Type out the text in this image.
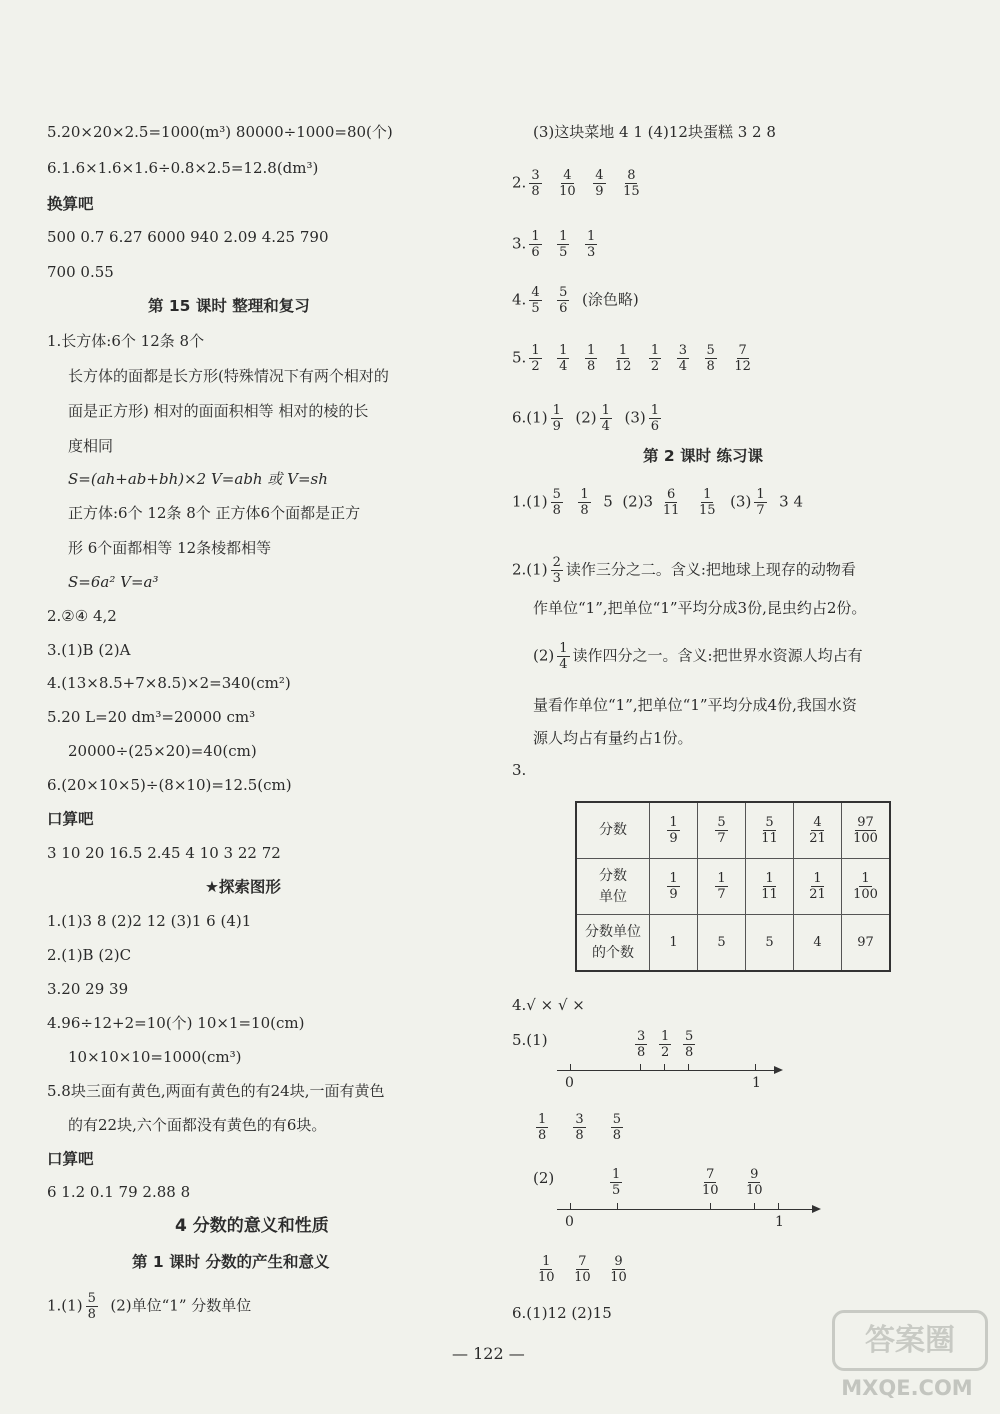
5.20×20×2.5=1000(m³) 80000÷1000=80(个)
6.1.6×1.6×1.6÷0.8×2.5=12.8(dm³)
换算吧
500 0.7 6.27 6000 940 2.09 4.25 790
700 0.55
第 15 课时 整理和复习
1.长方体:6个 12条 8个
长方体的面都是长方形(特殊情况下有两个相对的
面是正方形) 相对的面面积相等 相对的棱的长
度相同
S=(ah+ab+bh)×2 V=abh 或 V=sh
正方体:6个 12条 8个 正方体6个面都是正方
形 6个面都相等 12条棱都相等
S=6a² V=a³
2.②④ 4,2
3.(1)B (2)A
4.(13×8.5+7×8.5)×2=340(cm²)
5.20 L=20 dm³=20000 cm³
20000÷(25×20)=40(cm)
6.(20×10×5)÷(8×10)=12.5(cm)
口算吧
3 10 20 16.5 2.45 4 10 3 22 72
★探索图形
1.(1)3 8 (2)2 12 (3)1 6 (4)1
2.(1)B (2)C
3.20 29 39
4.96÷12+2=10(个) 10×1=10(cm)
10×10×10=1000(cm³)
5.8块三面有黄色,两面有黄色的有24块,一面有黄色
的有22块,六个面都没有黄色的有6块。
口算吧
6 1.2 0.1 79 2.88 8
4 分数的意义和性质
第 1 课时 分数的产生和意义
$1.(1) \frac{5}{8} (2)$单位“1” 分数单位
(3)这块菜地 4 1 (4)12块蛋糕 3 2 8
2. $\frac{3}{8}$
$\frac{4}{10}$
$\frac{4}{9}$
$\frac{8}{15}$
3. $\frac{1}{6}$
$\frac{1}{5}$
$\frac{1}{3}$
4. $\frac{4}{5}$
$\frac{5}{6}$ (涂色略)
5. $\frac{1}{2}$
$\frac{1}{4}$
$\frac{1}{8}$
$\frac{1}{12}$
$\frac{1}{2}$
$\frac{3}{4}$
$\frac{5}{8}$
$\frac{7}{12}$
$6.(1) \frac{1}{9} (2) \frac{1}{4} (3) \frac{1}{6}$
第 2 课时 练习课
$1.(1) \frac{5}{8}$
$\frac{1}{8} 5$ $(2)3 \frac{6}{11}$
$\frac{1}{15} (3) \frac{1}{7} 3$ 4
$2.(1) \frac{2}{3}$ 读作三分之二。含义:把地球上现存的动物看
作单位“1”,把单位“1”平均分成3份,昆虫约占2份。
$(2) \frac{1}{4}$ 读作四分之一。含义:把世界水资源人均占有
量看作单位“1”,把单位“1”平均分成4份,我国水资
源人均占有量约占1份。
3.
分数	$\frac{1}{9}$	$\frac{5}{7}$	$\frac{5}{11}$	$\frac{4}{21}$	$\frac{97}{100}$

分数
单位	$\frac{1}{9}$	$\frac{1}{7}$	$\frac{1}{11}$	$\frac{1}{21}$	$\frac{1}{100}$

分数单位
的个数	1	5	5	4	97
4.√ × √ ×
5.(1)	$\frac{3}{8} \frac{1}{2} \frac{5}{8}$
0	1
$\frac{1}{8}$
$\frac{3}{8}$
$\frac{5}{8}$
(2)	$\frac{1}{5}$	$\frac{7}{10} \frac{9}{10}$
0	1
$\frac{1}{10}$
$\frac{7}{10}$
$\frac{9}{10}$
6.(1)12 (2)15
— 122 —	答案圈
MXQE.COM
